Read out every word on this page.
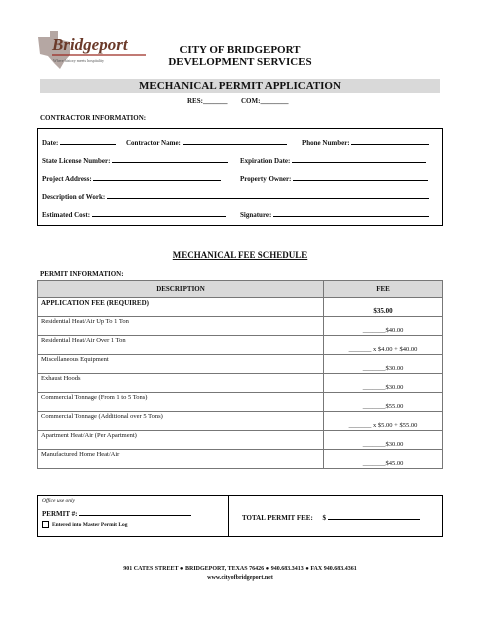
Bridgeport
Where history meets hospitality
CITY OF BRIDGEPORT
DEVELOPMENT SERVICES
MECHANICAL PERMIT APPLICATION
RES:_______ COM:________
CONTRACTOR INFORMATION:
Date:	Contractor Name:	Phone Number:
State License Number:	Expiration Date:
Project Address:	Property Owner:
Description of Work:
Estimated Cost:	Signature:
MECHANICAL FEE SCHEDULE
PERMIT INFORMATION:
DESCRIPTION	FEE
APPLICATION FEE (REQUIRED)	$35.00
Residential Heat/Air Up To 1 Ton	_______$40.00
Residential Heat/Air Over 1 Ton	_______ x $4.00 + $40.00
Miscellaneous Equipment	_______$30.00
Exhaust Hoods	_______$30.00
Commercial Tonnage (From 1 to 5 Tons)	_______$55.00
Commercial Tonnage (Additional over 5 Tons)	_______ x $5.00 + $55.00
Apartment Heat/Air (Per Apartment)	_______$30.00
Manufactured Home Heat/Air	_______$45.00
Office use only
PERMIT #:
Entered into Master Permit Log
TOTAL PERMIT FEE: $
901 CATES STREET ● BRIDGEPORT, TEXAS 76426 ● 940.683.3413 ● FAX 940.683.4361
www.cityofbridgeport.net
